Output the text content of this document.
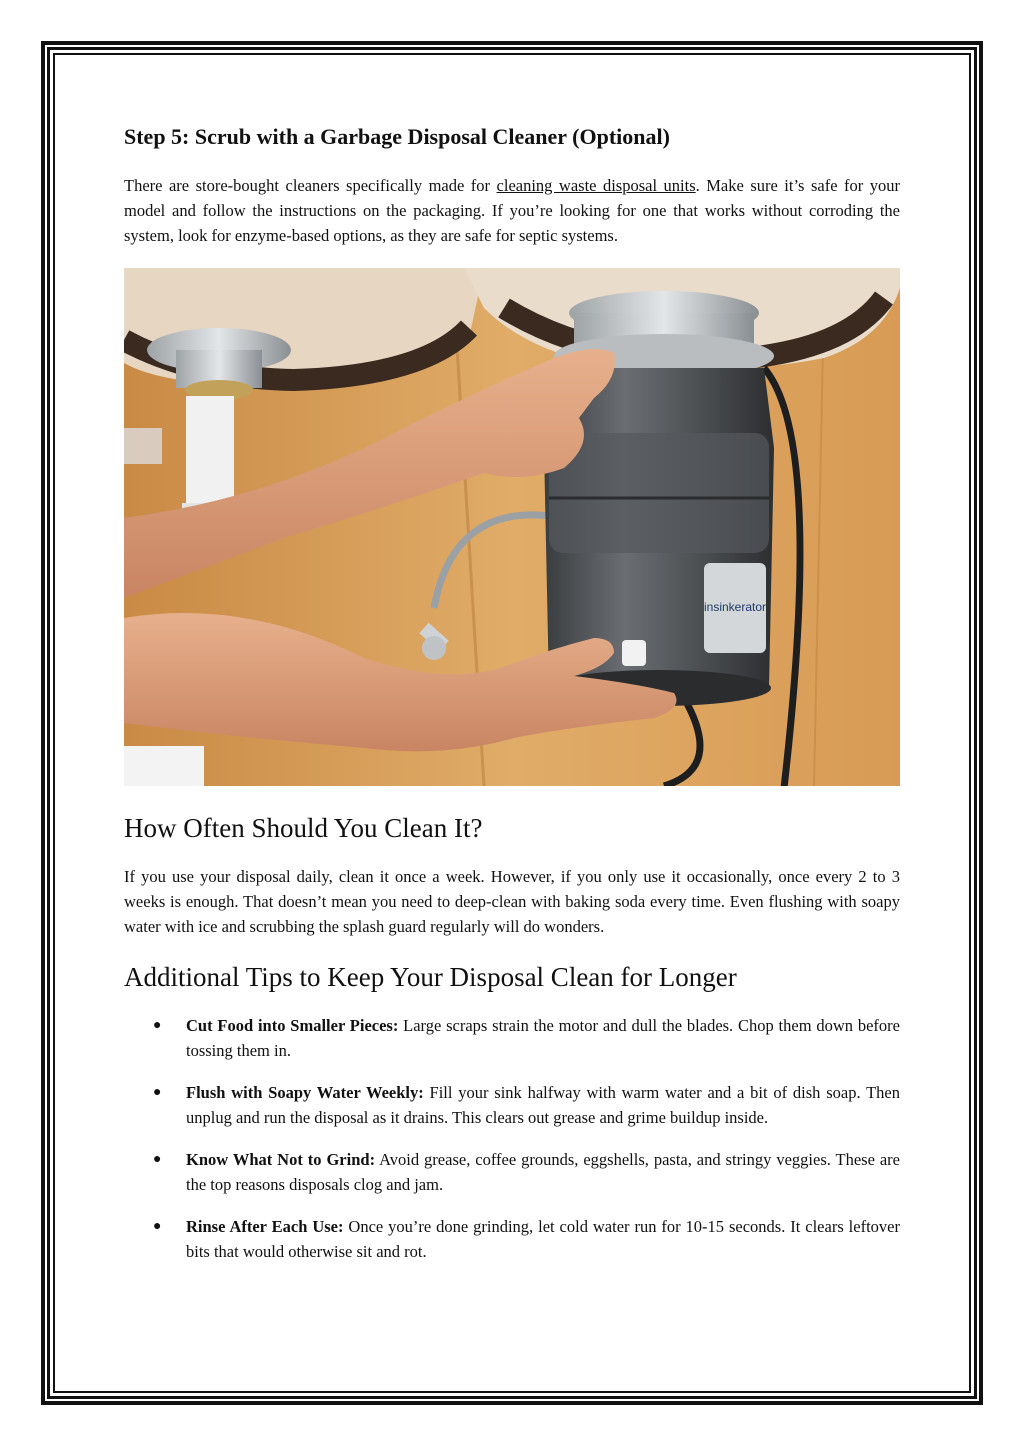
Step 5: Scrub with a Garbage Disposal Cleaner (Optional)

There are store-bought cleaners specifically made for cleaning waste disposal units. Make sure it’s safe for your model and follow the instructions on the packaging. If you’re looking for one that works without corroding the system, look for enzyme-based options, as they are safe for septic systems.

insinkerator
How Often Should You Clean It?

If you use your disposal daily, clean it once a week. However, if you only use it occasionally, once every 2 to 3 weeks is enough. That doesn’t mean you need to deep-clean with baking soda every time. Even flushing with soapy water with ice and scrubbing the splash guard regularly will do wonders.

Additional Tips to Keep Your Disposal Clean for Longer
● Cut Food into Smaller Pieces: Large scraps strain the motor and dull the blades. Chop them down before tossing them in.
● Flush with Soapy Water Weekly: Fill your sink halfway with warm water and a bit of dish soap. Then unplug and run the disposal as it drains. This clears out grease and grime buildup inside.
● Know What Not to Grind: Avoid grease, coffee grounds, eggshells, pasta, and stringy veggies. These are the top reasons disposals clog and jam.
● Rinse After Each Use: Once you’re done grinding, let cold water run for 10-15 seconds. It clears leftover bits that would otherwise sit and rot.
